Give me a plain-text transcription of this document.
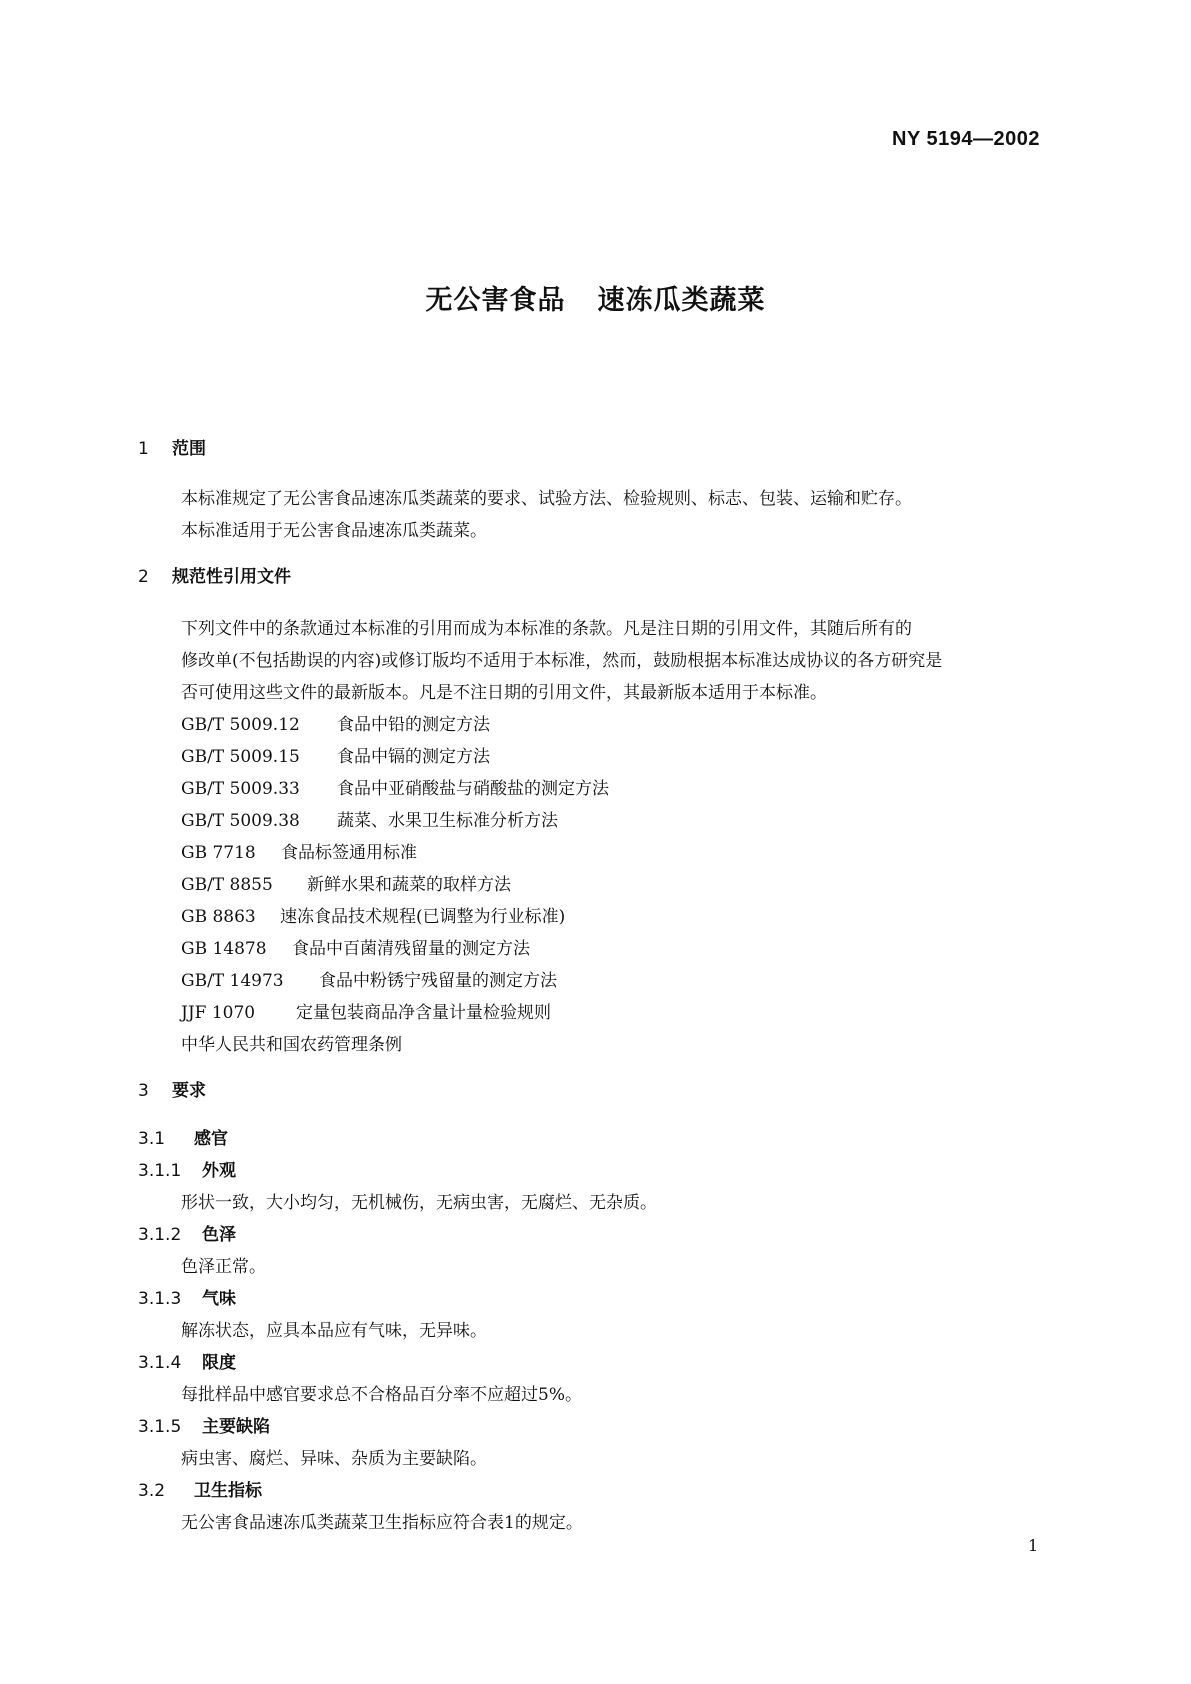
NY 5194—2002
无公害食品 速冻瓜类蔬菜
1 范围
本标准规定了无公害食品速冻瓜类蔬菜的要求、试验方法、检验规则、标志、包装、运输和贮存。
本标准适用于无公害食品速冻瓜类蔬菜。
2 规范性引用文件
下列文件中的条款通过本标准的引用而成为本标准的条款。凡是注日期的引用文件，其随后所有的
修改单(不包括勘误的内容)或修订版均不适用于本标准，然而，鼓励根据本标准达成协议的各方研究是
否可使用这些文件的最新版本。凡是不注日期的引用文件，其最新版本适用于本标准。
GB/T 5009.12 食品中铅的测定方法
GB/T 5009.15 食品中镉的测定方法
GB/T 5009.33 食品中亚硝酸盐与硝酸盐的测定方法
GB/T 5009.38 蔬菜、水果卫生标准分析方法
GB 7718 食品标签通用标准
GB/T 8855 新鲜水果和蔬菜的取样方法
GB 8863 速冻食品技术规程(已调整为行业标准)
GB 14878 食品中百菌清残留量的测定方法
GB/T 14973 食品中粉锈宁残留量的测定方法
JJF 1070 定量包装商品净含量计量检验规则
中华人民共和国农药管理条例
3 要求
3.1 感官
3.1.1 外观
形状一致，大小均匀，无机械伤，无病虫害，无腐烂、无杂质。
3.1.2 色泽
色泽正常。
3.1.3 气味
解冻状态，应具本品应有气味，无异味。
3.1.4 限度
每批样品中感官要求总不合格品百分率不应超过5%。
3.1.5 主要缺陷
病虫害、腐烂、异味、杂质为主要缺陷。
3.2 卫生指标
无公害食品速冻瓜类蔬菜卫生指标应符合表1的规定。
1
